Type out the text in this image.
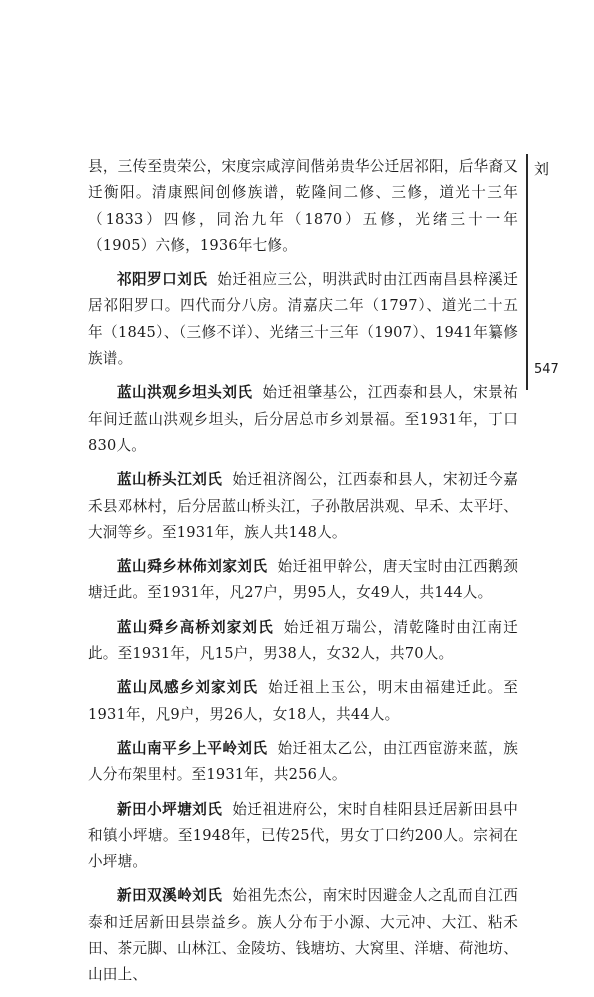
刘
547

县，三传至贵荣公，宋度宗咸淳间偕弟贵华公迁居祁阳，后华裔又迁衡阳。清康熙间创修族谱，乾隆间二修、三修，道光十三年（1833）四修，同治九年（1870）五修，光绪三十一年（1905）六修，1936年七修。

祁阳罗口刘氏 始迁祖应三公，明洪武时由江西南昌县梓溪迁居祁阳罗口。四代而分八房。清嘉庆二年（1797）、道光二十五年（1845）、（三修不详）、光绪三十三年（1907）、1941年纂修族谱。

蓝山洪观乡坦头刘氏 始迁祖肇基公，江西泰和县人，宋景祐年间迁蓝山洪观乡坦头，后分居总市乡刘景福。至1931年，丁口830人。

蓝山桥头江刘氏 始迁祖济阁公，江西泰和县人，宋初迁今嘉禾县邓林村，后分居蓝山桥头江，子孙散居洪观、早禾、太平圩、大洞等乡。至1931年，族人共148人。

蓝山舜乡林佈刘家刘氏 始迁祖甲幹公，唐天宝时由江西鹅颈塘迁此。至1931年，凡27户，男95人，女49人，共144人。

蓝山舜乡高桥刘家刘氏 始迁祖万瑞公，清乾隆时由江南迁此。至1931年，凡15户，男38人，女32人，共70人。

蓝山凤感乡刘家刘氏 始迁祖上玉公，明末由福建迁此。至1931年，凡9户，男26人，女18人，共44人。

蓝山南平乡上平岭刘氏 始迁祖太乙公，由江西宦游来蓝，族人分布架里村。至1931年，共256人。

新田小坪塘刘氏 始迁祖进府公，宋时自桂阳县迁居新田县中和镇小坪塘。至1948年，已传25代，男女丁口约200人。宗祠在小坪塘。

新田双溪岭刘氏 始祖先杰公，南宋时因避金人之乱而自江西泰和迁居新田县崇益乡。族人分布于小源、大元冲、大江、粘禾田、茶元脚、山林江、金陵坊、钱塘坊、大窝里、洋塘、荷池坊、山田上、
